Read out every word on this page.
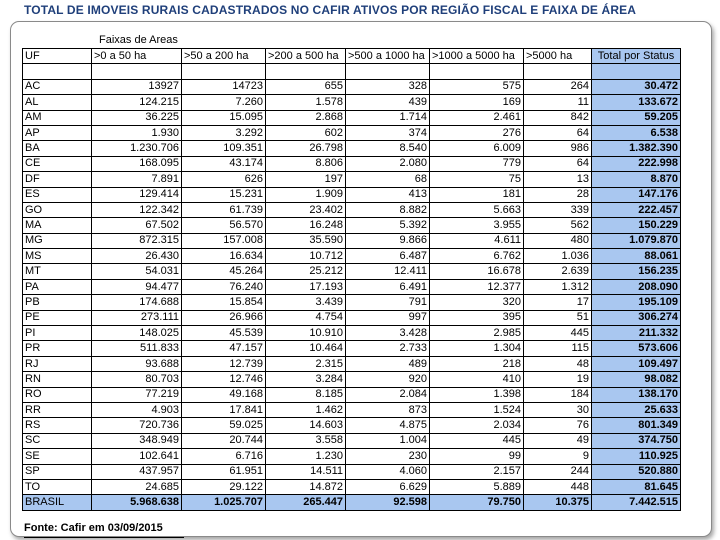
TOTAL DE IMOVEIS RURAIS CADASTRADOS NO CAFIR ATIVOS POR REGIÃO FISCAL E FAIXA DE ÁREA
Faixas de Areas
UF	>0 a 50 ha	>50 a 200 ha	>200 a 500 ha	>500 a 1000 ha	>1000 a 5000 ha	>5000 ha	Total por Status

AC	13927	14723	655	328	575	264	30.472
AL	124.215	7.260	1.578	439	169	11	133.672
AM	36.225	15.095	2.868	1.714	2.461	842	59.205
AP	1.930	3.292	602	374	276	64	6.538
BA	1.230.706	109.351	26.798	8.540	6.009	986	1.382.390
CE	168.095	43.174	8.806	2.080	779	64	222.998
DF	7.891	626	197	68	75	13	8.870
ES	129.414	15.231	1.909	413	181	28	147.176
GO	122.342	61.739	23.402	8.882	5.663	339	222.457
MA	67.502	56.570	16.248	5.392	3.955	562	150.229
MG	872.315	157.008	35.590	9.866	4.611	480	1.079.870
MS	26.430	16.634	10.712	6.487	6.762	1.036	88.061
MT	54.031	45.264	25.212	12.411	16.678	2.639	156.235
PA	94.477	76.240	17.193	6.491	12.377	1.312	208.090
PB	174.688	15.854	3.439	791	320	17	195.109
PE	273.111	26.966	4.754	997	395	51	306.274
PI	148.025	45.539	10.910	3.428	2.985	445	211.332
PR	511.833	47.157	10.464	2.733	1.304	115	573.606
RJ	93.688	12.739	2.315	489	218	48	109.497
RN	80.703	12.746	3.284	920	410	19	98.082
RO	77.219	49.168	8.185	2.084	1.398	184	138.170
RR	4.903	17.841	1.462	873	1.524	30	25.633
RS	720.736	59.025	14.603	4.875	2.034	76	801.349
SC	348.949	20.744	3.558	1.004	445	49	374.750
SE	102.641	6.716	1.230	230	99	9	110.925
SP	437.957	61.951	14.511	4.060	2.157	244	520.880
TO	24.685	29.122	14.872	6.629	5.889	448	81.645
BRASIL	5.968.638	1.025.707	265.447	92.598	79.750	10.375	7.442.515
Fonte: Cafir em 03/09/2015
